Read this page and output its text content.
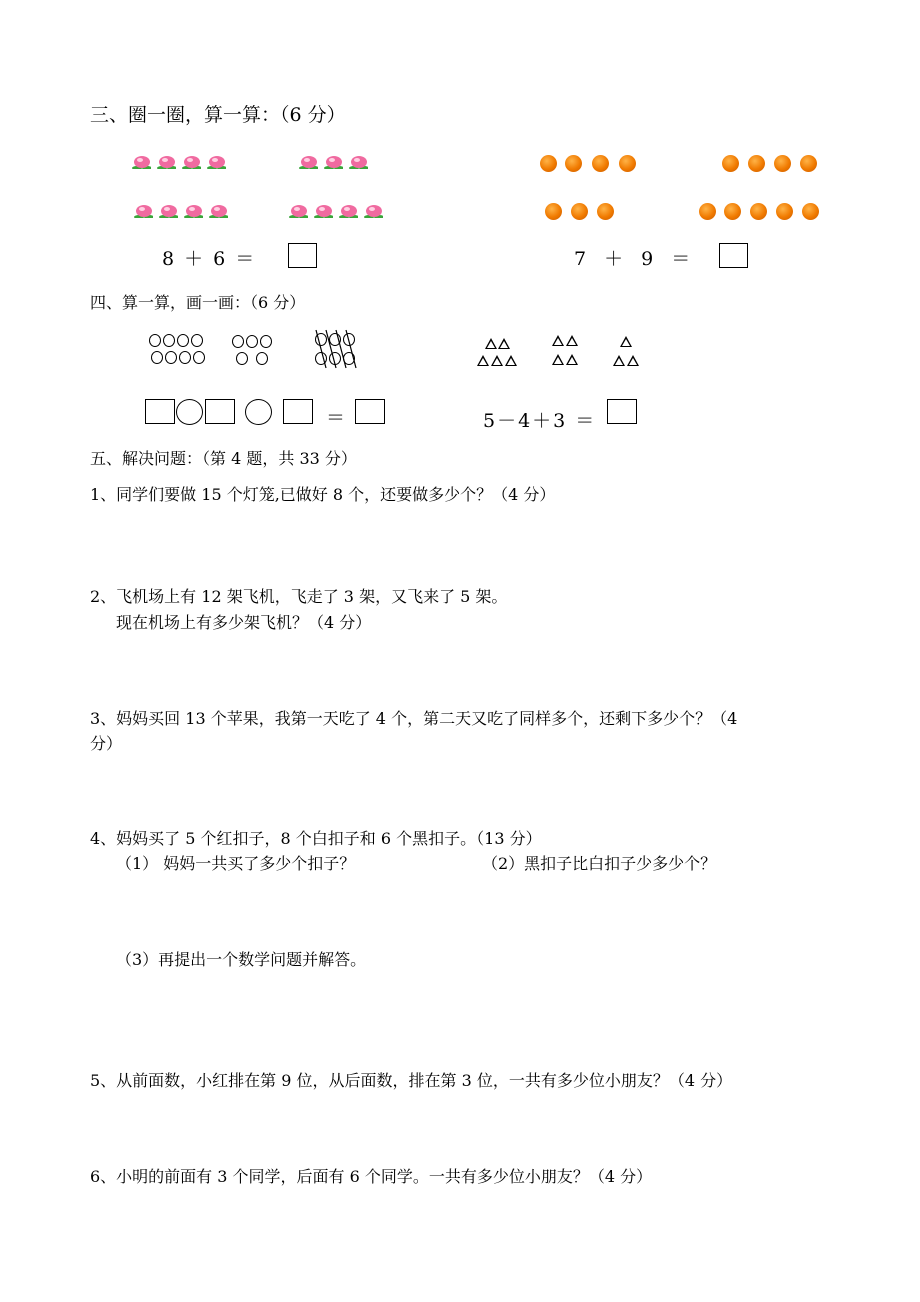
三、圈一圈，算一算：（6 分）
8 ＋ 6 ＝	7 ＋ 9 ＝
四、算一算，画一画：（6 分）
＝	5－4＋3 ＝
五、解决问题：（第 4 题，共 33 分）
1、同学们要做 15 个灯笼,已做好 8 个，还要做多少个？（4 分）
2、飞机场上有 12 架飞机，飞走了 3 架，又飞来了 5 架。
现在机场上有多少架飞机？（4 分）
3、妈妈买回 13 个苹果，我第一天吃了 4 个，第二天又吃了同样多个，还剩下多少个？（4
分）
4、妈妈买了 5 个红扣子，8 个白扣子和 6 个黑扣子。（13 分）
（1） 妈妈一共买了多少个扣子？	（2）黑扣子比白扣子少多少个？
（3）再提出一个数学问题并解答。
5、从前面数，小红排在第 9 位，从后面数，排在第 3 位，一共有多少位小朋友？（4 分）
6、小明的前面有 3 个同学，后面有 6 个同学。一共有多少位小朋友？（4 分）
